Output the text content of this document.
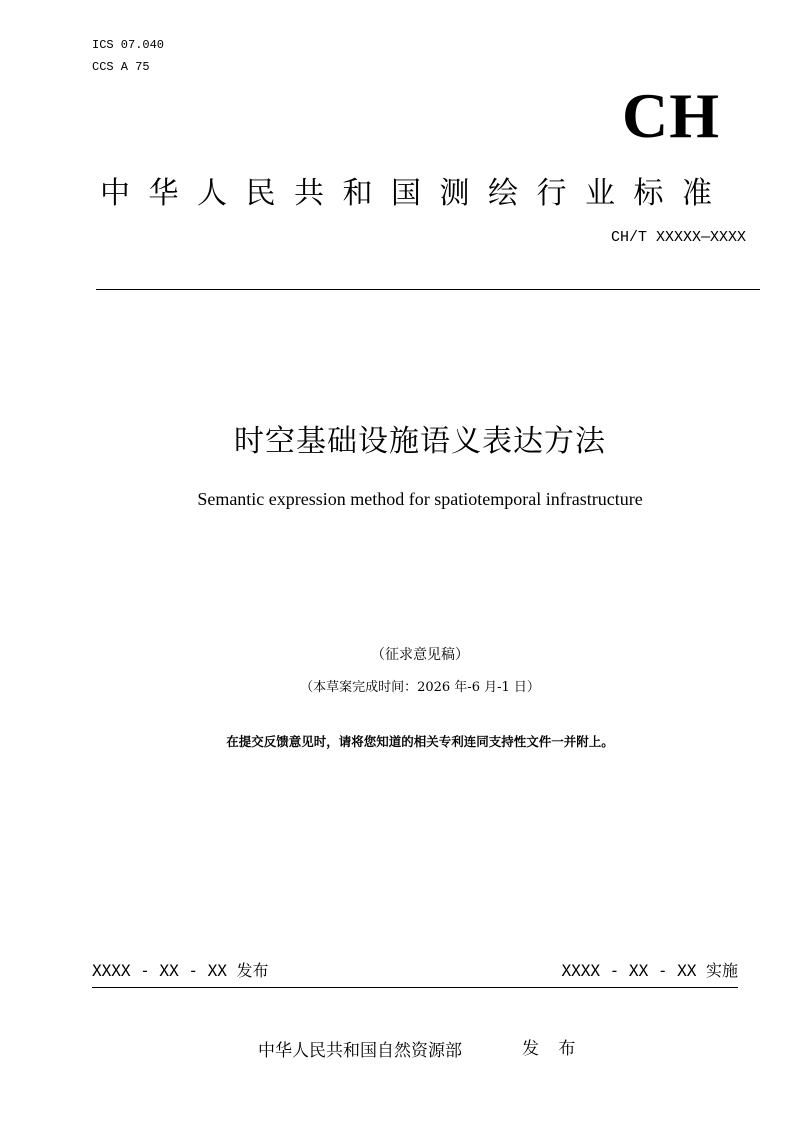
ICS 07.040
CCS A 75
CH
中华人民共和国测绘行业标准
CH/T XXXXX—XXXX
时空基础设施语义表达方法
Semantic expression method for spatiotemporal infrastructure
（征求意见稿）
（本草案完成时间：2026 年-6 月-1 日）
在提交反馈意见时，请将您知道的相关专利连同支持性文件一并附上。
XXXX - XX - XX 发布	XXXX - XX - XX 实施
中华人民共和国自然资源部	发 布
